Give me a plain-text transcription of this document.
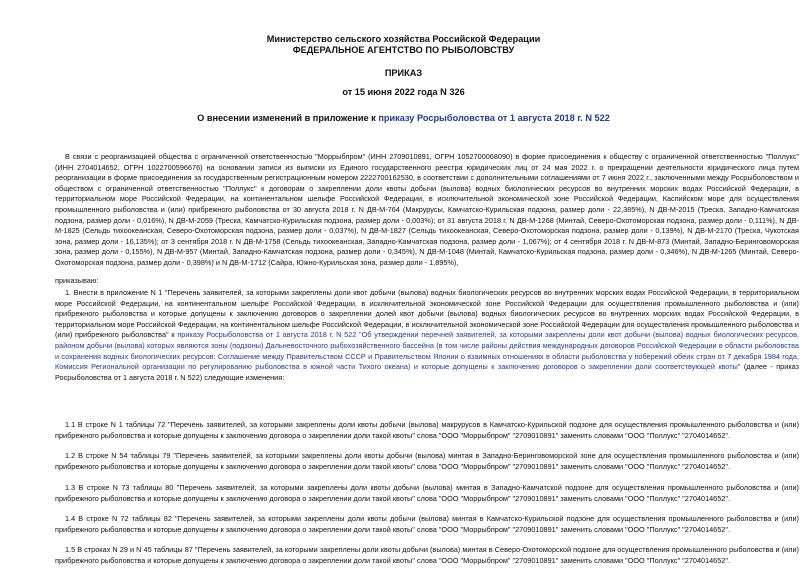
Министерство сельского хозяйства Российской Федерации
ФЕДЕРАЛЬНОЕ АГЕНТСТВО ПО РЫБОЛОВСТВУ
ПРИКАЗ
от 15 июня 2022 года N 326
О внесении изменений в приложение к приказу Росрыболовства от 1 августа 2018 г. N 522

В связи с реорганизацией общества с ограниченной ответственностью "Моррыбпром" (ИНН 2709010891, ОГРН 1052700068090) в форме присоединения к обществу с ограниченной ответственностью "Поллукс" (ИНН 2704014652, ОГРН 1022700596676) на основании записи из выписки из Единого государственного реестра юридических лиц от 24 мая 2022 г. о прекращении деятельности юридического лица путем реорганизации в форме присоединения за государственным регистрационным номером 2222700162530, в соответствии с дополнительными соглашениями от 7 июня 2022 г., заключенными между Росрыболовством и обществом с ограниченной ответственностью "Поллукс" к договорам о закреплении доли квоты добычи (вылова) водных биологических ресурсов во внутренних морских водах Российской Федерации, в территориальном море Российской Федерации, на континентальном шельфе Российской Федерации, в исключительной экономической зоне Российской Федерации, Каспийском море для осуществления промышленного рыболовства и (или) прибрежного рыболовства от 30 августа 2018 г. N ДВ-М-764 (Макрурусы, Камчатско-Курильская подзона, размер доли - 22,385%), N ДВ-М-2015 (Треска, Западно-Камчатская подзона, размер доли - 0,016%), N ДВ-М-2059 (Треска, Камчатско-Курильская подзона, размер доли - 0,003%); от 31 августа 2018 г. N ДВ-М-1268 (Минтай, Северо-Охотоморская подзона, размер доли - 0,111%), N ДВ-М-1825 (Сельдь тихоокеанская, Северо-Охотоморская подзона, размер доли - 0,037%), N ДВ-М-1827 (Сельдь тихоокеанская, Северо-Охотоморская подзона, размер доли - 0,139%), N ДВ-М-2170 (Треска, Чукотская зона, размер доли - 16,135%); от 3 сентября 2018 г. N ДВ-М-1758 (Сельдь тихоокеанская, Западно-Камчатская подзона, размер доли - 1,067%); от 4 сентября 2018 г. N ДВ-М-873 (Минтай, Западно-Беринговоморская зона, размер доли - 0,155%), N ДВ-М-957 (Минтай, Западно-Камчатская подзона, размер доли - 0,345%), N ДВ-М-1048 (Минтай, Камчатско-Курильская подзона, размер доли - 0,346%), N ДВ-М-1265 (Минтай, Северо-Охотоморская подзона, размер доли - 0,398%) и N ДВ-М-1712 (Сайра, Южно-Курильская зона, размер доли - 1,895%),

приказываю:

1. Внести в приложение N 1 "Перечень заявителей, за которыми закреплены доли квот добычи (вылова) водных биологических ресурсов во внутренних морских водах Российской Федерации, в территориальном море Российской Федерации, на континентальном шельфе Российской Федерации, в исключительной экономической зоне Российской Федерации для осуществления промышленного рыболовства и (или) прибрежного рыболовства и которые допущены к заключению договоров о закреплении долей квот добычи (вылова) водных биологических ресурсов во внутренних морских водах Российской Федерации, в территориальном море Российской Федерации, на континентальном шельфе Российской Федерации, в исключительной экономической зоне Российской Федерации для осуществления промышленного рыболовства и (или) прибрежного рыболовства" к приказу Росрыболовства от 1 августа 2018 г. N 522 "Об утверждении перечней заявителей, за которыми закреплены доли квот добычи (вылова) водных биологических ресурсов, районом добычи (вылова) которых являются зоны (подзоны) Дальневосточного рыбохозяйственного бассейна (в том числе районы действия международных договоров Российской Федерации в области рыболовства и сохранения водных биологических ресурсов: Соглашение между Правительством СССР и Правительством Японии о взаимных отношениях в области рыболовства у побережий обеих стран от 7 декабря 1984 года, Комиссия Региональной организации по регулированию рыболовства в южной части Тихого океана) и которые допущены к заключению договоров о закреплении доли соответствующей квоты" (далее - приказ Росрыболовства от 1 августа 2018 г. N 522) следующие изменения:

1.1 В строке N 1 таблицы 72 "Перечень заявителей, за которыми закреплены доли квоты добычи (вылова) макрурусов в Камчатско-Курильской подзоне для осуществления промышленного рыболовства и (или) прибрежного рыболовства и которые допущены к заключению договора о закреплении доли такой квоты" слова "ООО "Моррыбпром" "2709010891" заменить словами "ООО "Поллукс" "2704014652".

1.2 В строке N 54 таблицы 79 "Перечень заявителей, за которыми закреплены доли квоты добычи (вылова) минтая в Западно-Беринговоморской зоне для осуществления промышленного рыболовства и (или) прибрежного рыболовства и которые допущены к заключению договора о закреплении доли такой квоты" слова "ООО "Моррыбпром" "2709010891" заменить словами "ООО "Поллукс" "2704014652".

1.3 В строке N 73 таблицы 80 "Перечень заявителей, за которыми закреплены доли квоты добычи (вылова) минтая в Западно-Камчатской подзоне для осуществления промышленного рыболовства и (или) прибрежного рыболовства и которые допущены к заключению договора о закреплении доли такой квоты" слова "ООО "Моррыбпром" "2709010891" заменить словами "ООО "Поллукс" "2704014652".

1.4 В строке N 72 таблицы 82 "Перечень заявителей, за которыми закреплены доли квоты добычи (вылова) минтая в Камчатско-Курильской подзоне для осуществления промышленного рыболовства и (или) прибрежного рыболовства и которые допущены к заключению договора о закреплении доли такой квоты" слова "ООО "Моррыбпром" "2709010891" заменить словами "ООО "Поллукс" "2704014652".

1.5 В строках N 29 и N 45 таблицы 87 "Перечень заявителей, за которыми закреплены доли квоты добычи (вылова) минтая в Северо-Охотоморской подзоне для осуществления промышленного рыболовства и (или) прибрежного рыболовства и которые допущены к заключению договора о закреплении доли такой квоты" слова "ООО "Моррыбпром" "2709010891" заменить словами "ООО "Поллукс" "2704014652".
